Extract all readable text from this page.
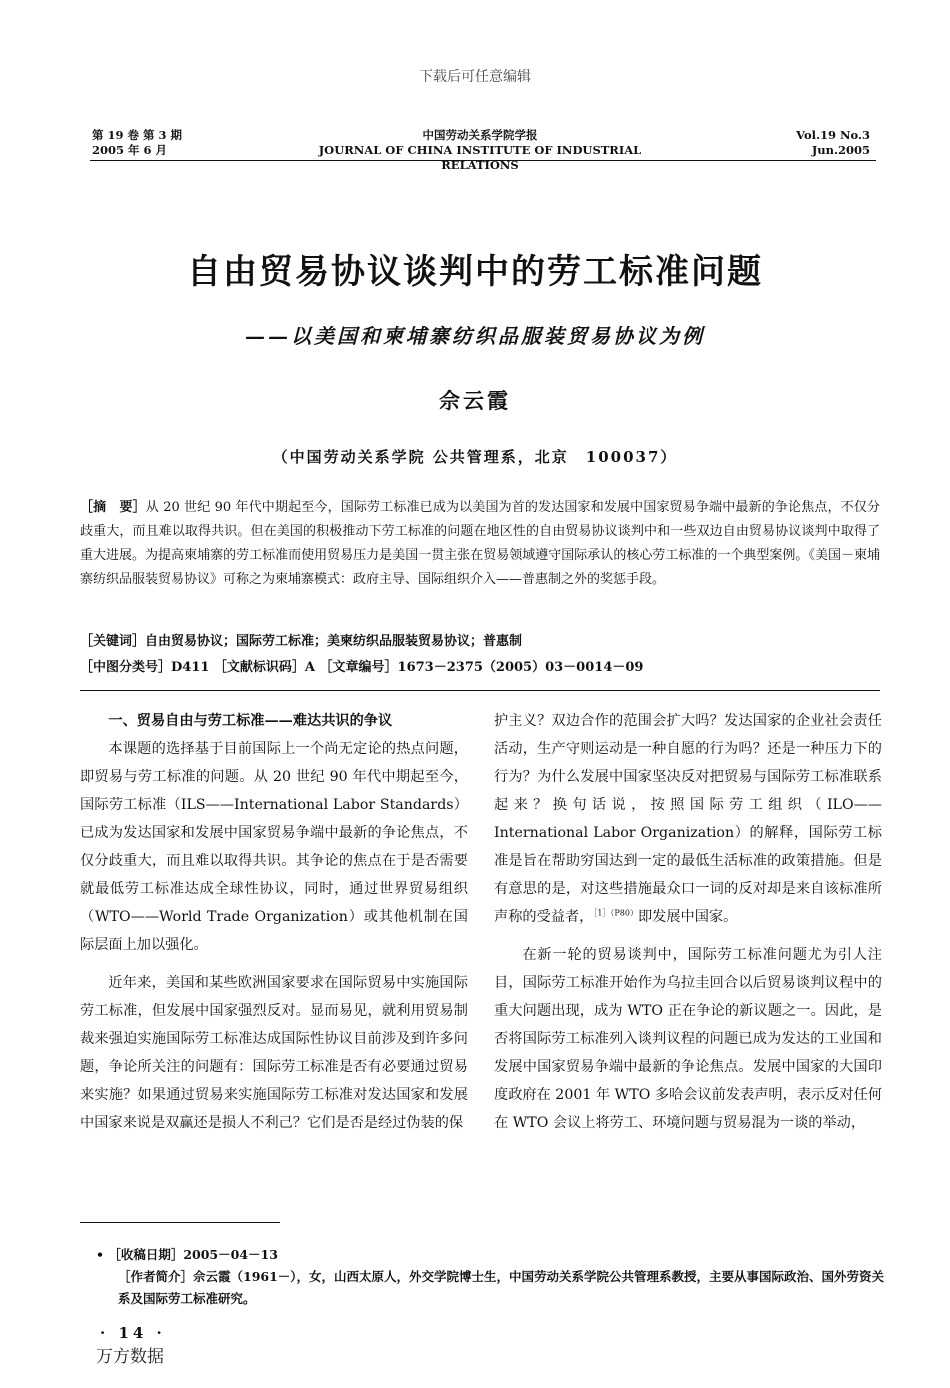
下载后可任意编辑
第 19 卷 第 3 期
2005 年 6 月
中国劳动关系学院学报
JOURNAL OF CHINA INSTITUTE OF INDUSTRIAL RELATIONS
Vol.19 No.3
Jun.2005
自由贸易协议谈判中的劳工标准问题
——以美国和柬埔寨纺织品服装贸易协议为例
佘云霞
（中国劳动关系学院 公共管理系，北京　100037）
［摘　要］从 20 世纪 90 年代中期起至今，国际劳工标准已成为以美国为首的发达国家和发展中国家贸易争端中最新的争论焦点，不仅分歧重大，而且难以取得共识。但在美国的积极推动下劳工标准的问题在地区性的自由贸易协议谈判中和一些双边自由贸易协议谈判中取得了重大进展。为提高柬埔寨的劳工标准而使用贸易压力是美国一贯主张在贸易领域遵守国际承认的核心劳工标准的一个典型案例。《美国－柬埔寨纺织品服装贸易协议》可称之为柬埔寨模式：政府主导、国际组织介入——普惠制之外的奖惩手段。
［关键词］自由贸易协议；国际劳工标准；美柬纺织品服装贸易协议；普惠制
［中图分类号］D411 ［文献标识码］A ［文章编号］1673－2375（2005）03－0014－09
一、贸易自由与劳工标准——难达共识的争议

本课题的选择基于目前国际上一个尚无定论的热点问题，即贸易与劳工标准的问题。从 20 世纪 90 年代中期起至今，国际劳工标准（ILS——International Labor Standards）已成为发达国家和发展中国家贸易争端中最新的争论焦点，不仅分歧重大，而且难以取得共识。其争论的焦点在于是否需要就最低劳工标准达成全球性协议，同时，通过世界贸易组织（WTO——World Trade Organization）或其他机制在国际层面上加以强化。

近年来，美国和某些欧洲国家要求在国际贸易中实施国际劳工标准，但发展中国家强烈反对。显而易见，就利用贸易制裁来强迫实施国际劳工标准达成国际性协议目前涉及到许多问题，争论所关注的问题有：国际劳工标准是否有必要通过贸易来实施？如果通过贸易来实施国际劳工标准对发达国家和发展中国家来说是双赢还是损人不利己？它们是否是经过伪装的保

护主义？双边合作的范围会扩大吗？发达国家的企业社会责任活动，生产守则运动是一种自愿的行为吗？还是一种压力下的行为？为什么发展中国家坚决反对把贸易与国际劳工标准联系起来？换句话说，按照国际劳工组织（ILO——International Labor Organization）的解释，国际劳工标准是旨在帮助穷国达到一定的最低生活标准的政策措施。但是有意思的是，对这些措施最众口一词的反对却是来自该标准所声称的受益者，$^{[1](P80)}$即发展中国家。

在新一轮的贸易谈判中，国际劳工标准问题尤为引人注目，国际劳工标准开始作为乌拉圭回合以后贸易谈判议程中的重大问题出现，成为 WTO 正在争论的新议题之一。因此，是否将国际劳工标准列入谈判议程的问题已成为发达的工业国和发展中国家贸易争端中最新的争论焦点。发展中国家的大国印度政府在 2001 年 WTO 多哈会议前发表声明，表示反对任何在 WTO 会议上将劳工、环境问题与贸易混为一谈的举动，

• ［收稿日期］2005－04－13
［作者简介］佘云霞（1961－），女，山西太原人，外交学院博士生，中国劳动关系学院公共管理系教授，主要从事国际政治、国外劳资关系及国际劳工标准研究。
· 14 ·
万方数据
